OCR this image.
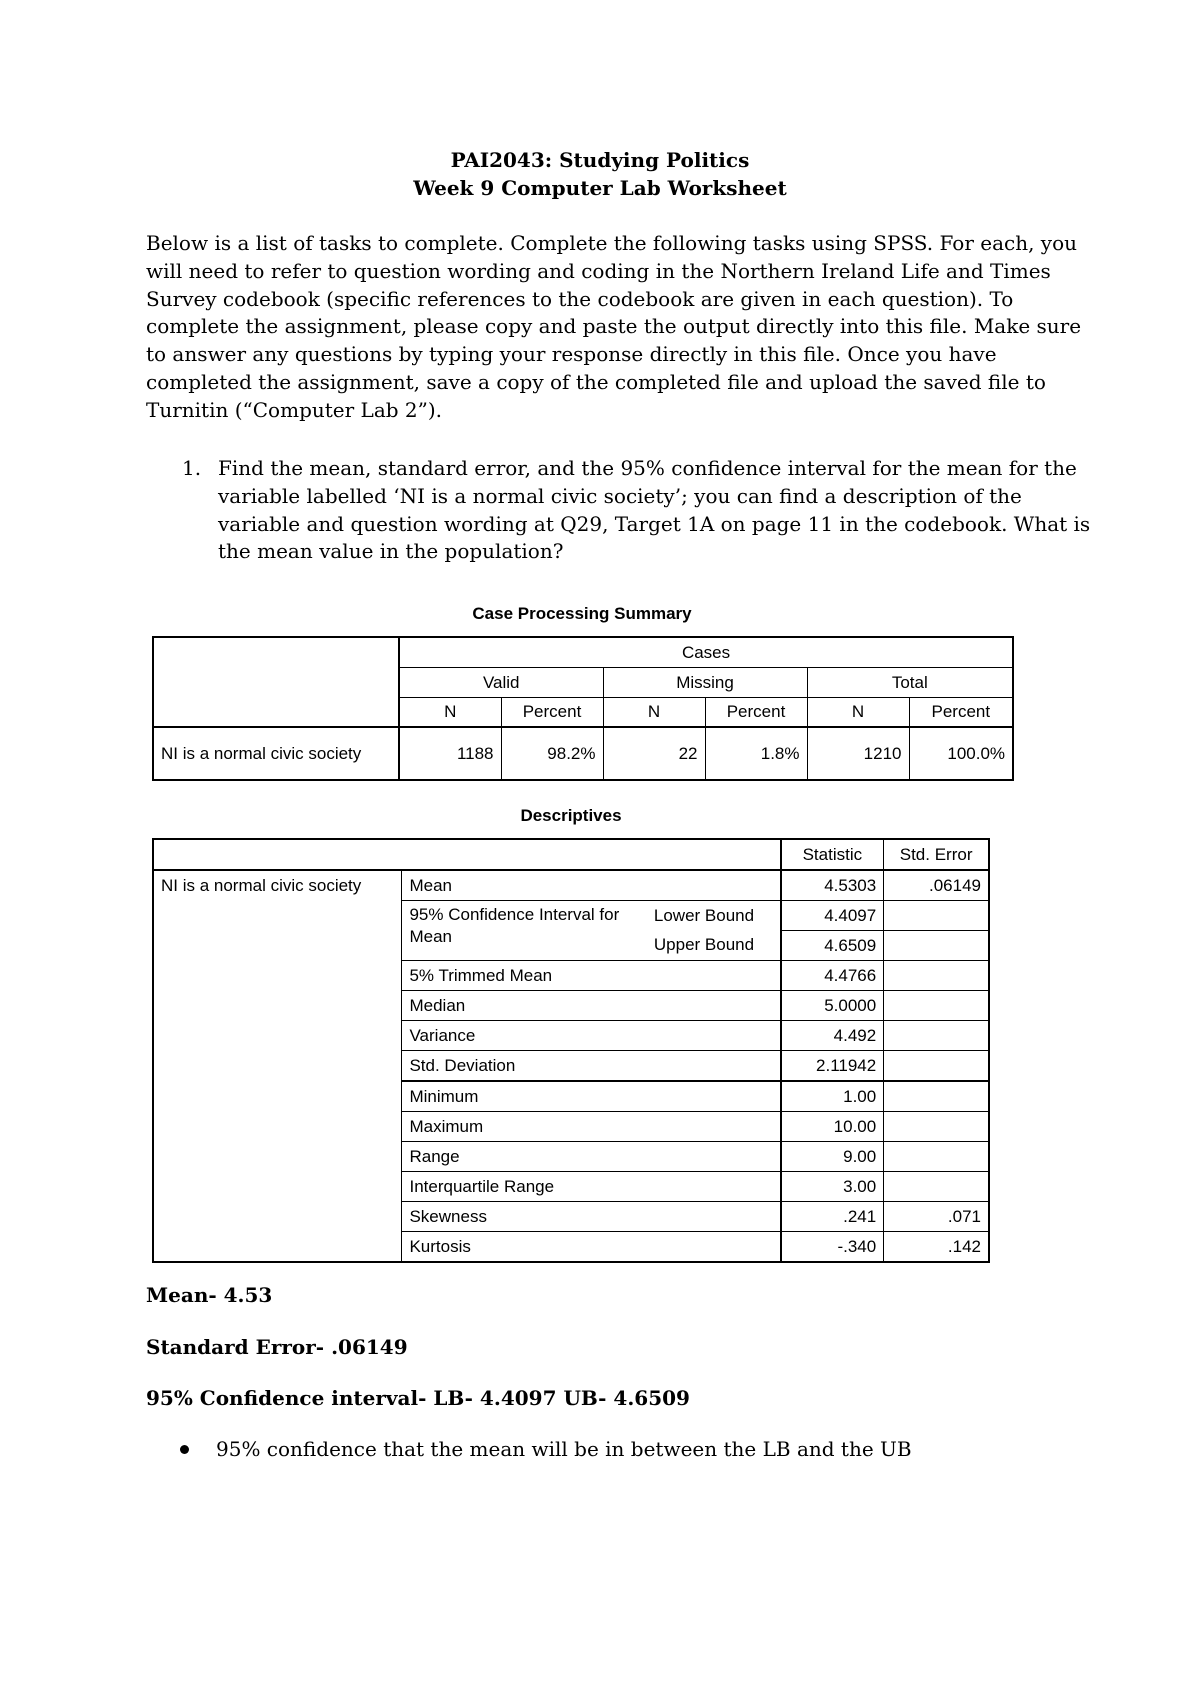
PAI2043: Studying Politics
Week 9 Computer Lab Worksheet
Below is a list of tasks to complete. Complete the following tasks using SPSS. For each, you
will need to refer to question wording and coding in the Northern Ireland Life and Times
Survey codebook (specific references to the codebook are given in each question). To
complete the assignment, please copy and paste the output directly into this file. Make sure
to answer any questions by typing your response directly in this file. Once you have
completed the assignment, save a copy of the completed file and upload the saved file to
Turnitin (“Computer Lab 2”).
1. Find the mean, standard error, and the 95% confidence interval for the mean for the
variable labelled ‘NI is a normal civic society’; you can find a description of the
variable and question wording at Q29, Target 1A on page 11 in the codebook. What is
the mean value in the population?
Case Processing Summary
	Cases					
	Valid		Missing		Total	
	N	Percent	N	Percent	N	Percent
NI is a normal civic society	1188	98.2%	22	1.8%	1210	100.0%
Descriptives
			Statistic	Std. Error
NI is a normal civic society	Mean		4.5303	.06149
	95% Confidence Interval for Mean	Lower Bound	4.4097	
		Upper Bound	4.6509	
	5% Trimmed Mean		4.4766	
	Median		5.0000	
	Variance		4.492	
	Std. Deviation		2.11942	
	Minimum		1.00	
	Maximum		10.00	
	Range		9.00	
	Interquartile Range		3.00	
	Skewness		.241	.071
	Kurtosis		-.340	.142
Mean- 4.53
Standard Error- .06149
95% Confidence interval- LB- 4.4097 UB- 4.6509
95% confidence that the mean will be in between the LB and the UB
